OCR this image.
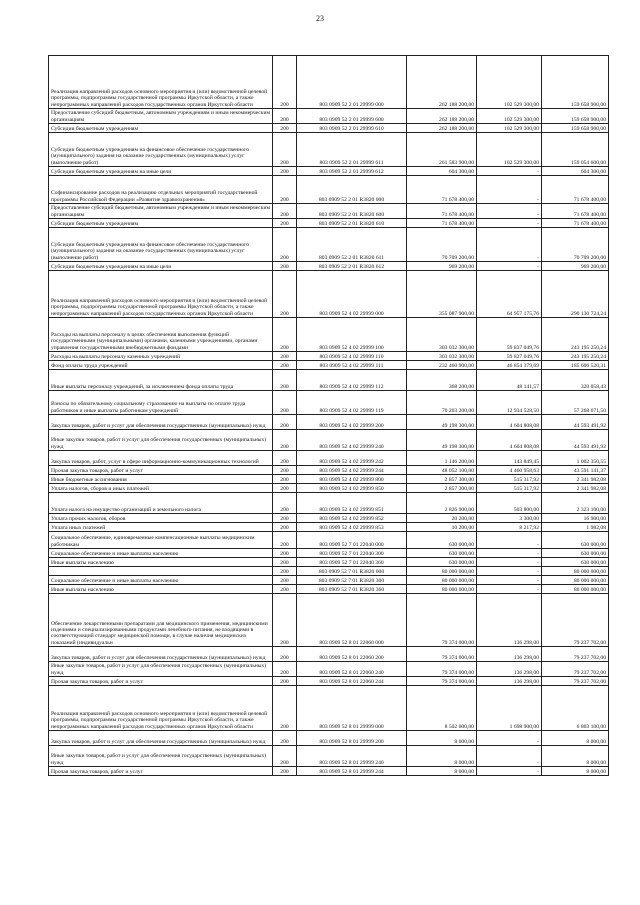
23
Реализация направлений расходов основного мероприятия и (или) ведомственной целевой программы, подпрограммы государственной программы Иркутской области, а также непрограммных направлений расходов государственных органов Иркутской области	200	803 0909 52 2 01 29999 000	262 188 200,00	102 529 300,00	159 658 900,00
Предоставление субсидий бюджетным, автономным учреждениям и иным некоммерческим организациям	200	803 0909 52 2 01 29999 600	262 188 200,00	102 529 300,00	159 658 900,00
Субсидии бюджетным учреждениям	200	803 0909 52 2 01 29999 610	262 188 200,00	102 529 300,00	159 658 900,00
Субсидии бюджетным учреждениям на финансовое обеспечение государственного (муниципального) задания на оказание государственных (муниципальных) услуг (выполнение работ)	200	803 0909 52 2 01 29999 611	261 583 900,00	102 529 300,00	159 054 600,00
Субсидии бюджетным учреждениям на иные цели	200	803 0909 52 2 01 29999 612	604 300,00	-	604 300,00
Софинансирование расходов на реализацию отдельных мероприятий государственной программы Российской Федерации «Развитие здравоохранения»	200	803 0909 52 2 01 R3820 000	71 678 400,00	-	71 678 400,00
Предоставление субсидий бюджетным, автономным учреждениям и иным некоммерческим организациям	200	803 0909 52 2 01 R3820 600	71 678 400,00	-	71 678 400,00
Субсидии бюджетным учреждениям	200	803 0909 52 2 01 R3820 610	71 678 400,00	-	71 678 400,00
Субсидии бюджетным учреждениям на финансовое обеспечение государственного (муниципального) задания на оказание государственных (муниципальных) услуг (выполнение работ)	200	803 0909 52 2 01 R3820 611	70 709 200,00	-	70 709 200,00
Субсидии бюджетным учреждениям на иные цели	200	803 0909 52 2 01 R3820 612	969 200,00	-	969 200,00
Реализация направлений расходов основного мероприятия и (или) ведомственной целевой программы, подпрограммы государственной программы Иркутской области, а также непрограммных направлений расходов государственных органов Иркутской области	200	803 0909 52 4 02 29999 000	355 087 900,00	64 957 175,76	290 130 724,24
Расходы на выплаты персоналу в целях обеспечения выполнения функций государственными (муниципальными) органами, казенными учреждениями, органами управления государственными внебюджетными фондами	200	803 0909 52 4 02 29999 100	303 032 300,00	59 837 049,76	243 195 250,24
Расходы на выплаты персоналу казенных учреждений	200	803 0909 52 4 02 29999 110	303 032 300,00	59 837 049,76	243 195 250,24
Фонд оплаты труда учреждений	200	803 0909 52 4 02 29999 111	232 460 900,00	46 854 379,69	185 606 520,31
Иные выплаты персоналу учреждений, за исключением фонда оплаты труда	200	803 0909 52 4 02 29999 112	368 200,00	48 141,57	320 058,43
Взносы по обязательному социальному страхованию на выплаты по оплате труда работников и иные выплаты работникам учреждений	200	803 0909 52 4 02 29999 119	70 203 200,00	12 934 528,50	57 268 671,50
Закупка товаров, работ и услуг для обеспечения государственных (муниципальных) нужд	200	803 0909 52 4 02 29999 200	49 198 300,00	4 604 808,08	44 593 491,92
Иные закупки товаров, работ и услуг для обеспечения государственных (муниципальных) нужд	200	803 0909 52 4 02 29999 240	49 198 300,00	4 604 808,08	44 593 491,92
Закупка товаров, работ, услуг в сфере информационно-коммуникационных технологий	200	803 0909 52 4 02 29999 242	1 146 200,00	143 849,45	1 002 350,55
Прочая закупка товаров, работ и услуг	200	803 0909 52 4 02 29999 244	48 052 100,00	4 460 958,63	43 591 141,37
Иные бюджетные ассигнования	200	803 0909 52 4 02 29999 800	2 857 300,00	515 317,92	2 341 982,08
Уплата налогов, сборов и иных платежей	200	803 0909 52 4 02 29999 850	2 857 300,00	515 317,92	2 341 982,08
Уплата налога на имущество организаций и земельного налога	200	803 0909 52 4 02 29999 851	2 826 900,00	503 800,00	2 323 100,00
Уплата прочих налогов, сборов	200	803 0909 52 4 02 29999 852	20 200,00	3 300,00	16 900,00
Уплата иных платежей	200	803 0909 52 4 02 29999 853	10 200,00	8 217,92	1 982,08
Социальное обеспечение, единовременные компенсационные выплаты медицинским работникам	200	803 0909 52 7 01 22040 000	630 000,00	-	630 000,00
Социальное обеспечение и иные выплаты населению	200	803 0909 52 7 01 22040 300	630 000,00	-	630 000,00
Иные выплаты населению	200	803 0909 52 7 01 22040 360	630 000,00	-	630 000,00
	200	803 0909 52 7 01 R3820 000	80 000 000,00	-	80 000 000,00
Социальное обеспечение и иные выплаты населению	200	803 0909 52 7 01 R3820 300	80 000 000,00	-	80 000 000,00
Иные выплаты населению	200	803 0909 52 7 01 R3820 360	80 000 000,00	-	80 000 000,00
Обеспечение лекарственными препаратами для медицинского применения, медицинскими изделиями и специализированными продуктами лечебного питания, не входящими в соответствующий стандарт медицинской помощи, в случае наличия медицинских показаний (индивидуальн	200	803 0909 52 8 01 22060 000	79 374 000,00	136 298,00	79 237 702,00
Закупка товаров, работ и услуг для обеспечения государственных (муниципальных) нужд	200	803 0909 52 8 01 22060 200	79 374 000,00	136 298,00	79 237 702,00
Иные закупки товаров, работ и услуг для обеспечения государственных (муниципальных) нужд	200	803 0909 52 8 01 22060 240	79 374 000,00	136 298,00	79 237 702,00
Прочая закупка товаров, работ и услуг	200	803 0909 52 8 01 22060 244	79 374 000,00	136 298,00	79 237 702,00
Реализация направлений расходов основного мероприятия и (или) ведомственной целевой программы, подпрограммы государственной программы Иркутской области, а также непрограммных направлений расходов государственных органов Иркутской области	200	803 0909 52 8 01 29999 000	8 502 000,00	1 698 900,00	6 803 100,00
Закупка товаров, работ и услуг для обеспечения государственных (муниципальных) нужд	200	803 0909 52 8 01 29999 200	8 000,00	-	8 000,00
Иные закупки товаров, работ и услуг для обеспечения государственных (муниципальных) нужд	200	803 0909 52 8 01 29999 240	8 000,00	-	8 000,00
Прочая закупка товаров, работ и услуг	200	803 0909 52 8 01 29999 244	8 000,00	-	8 000,00
